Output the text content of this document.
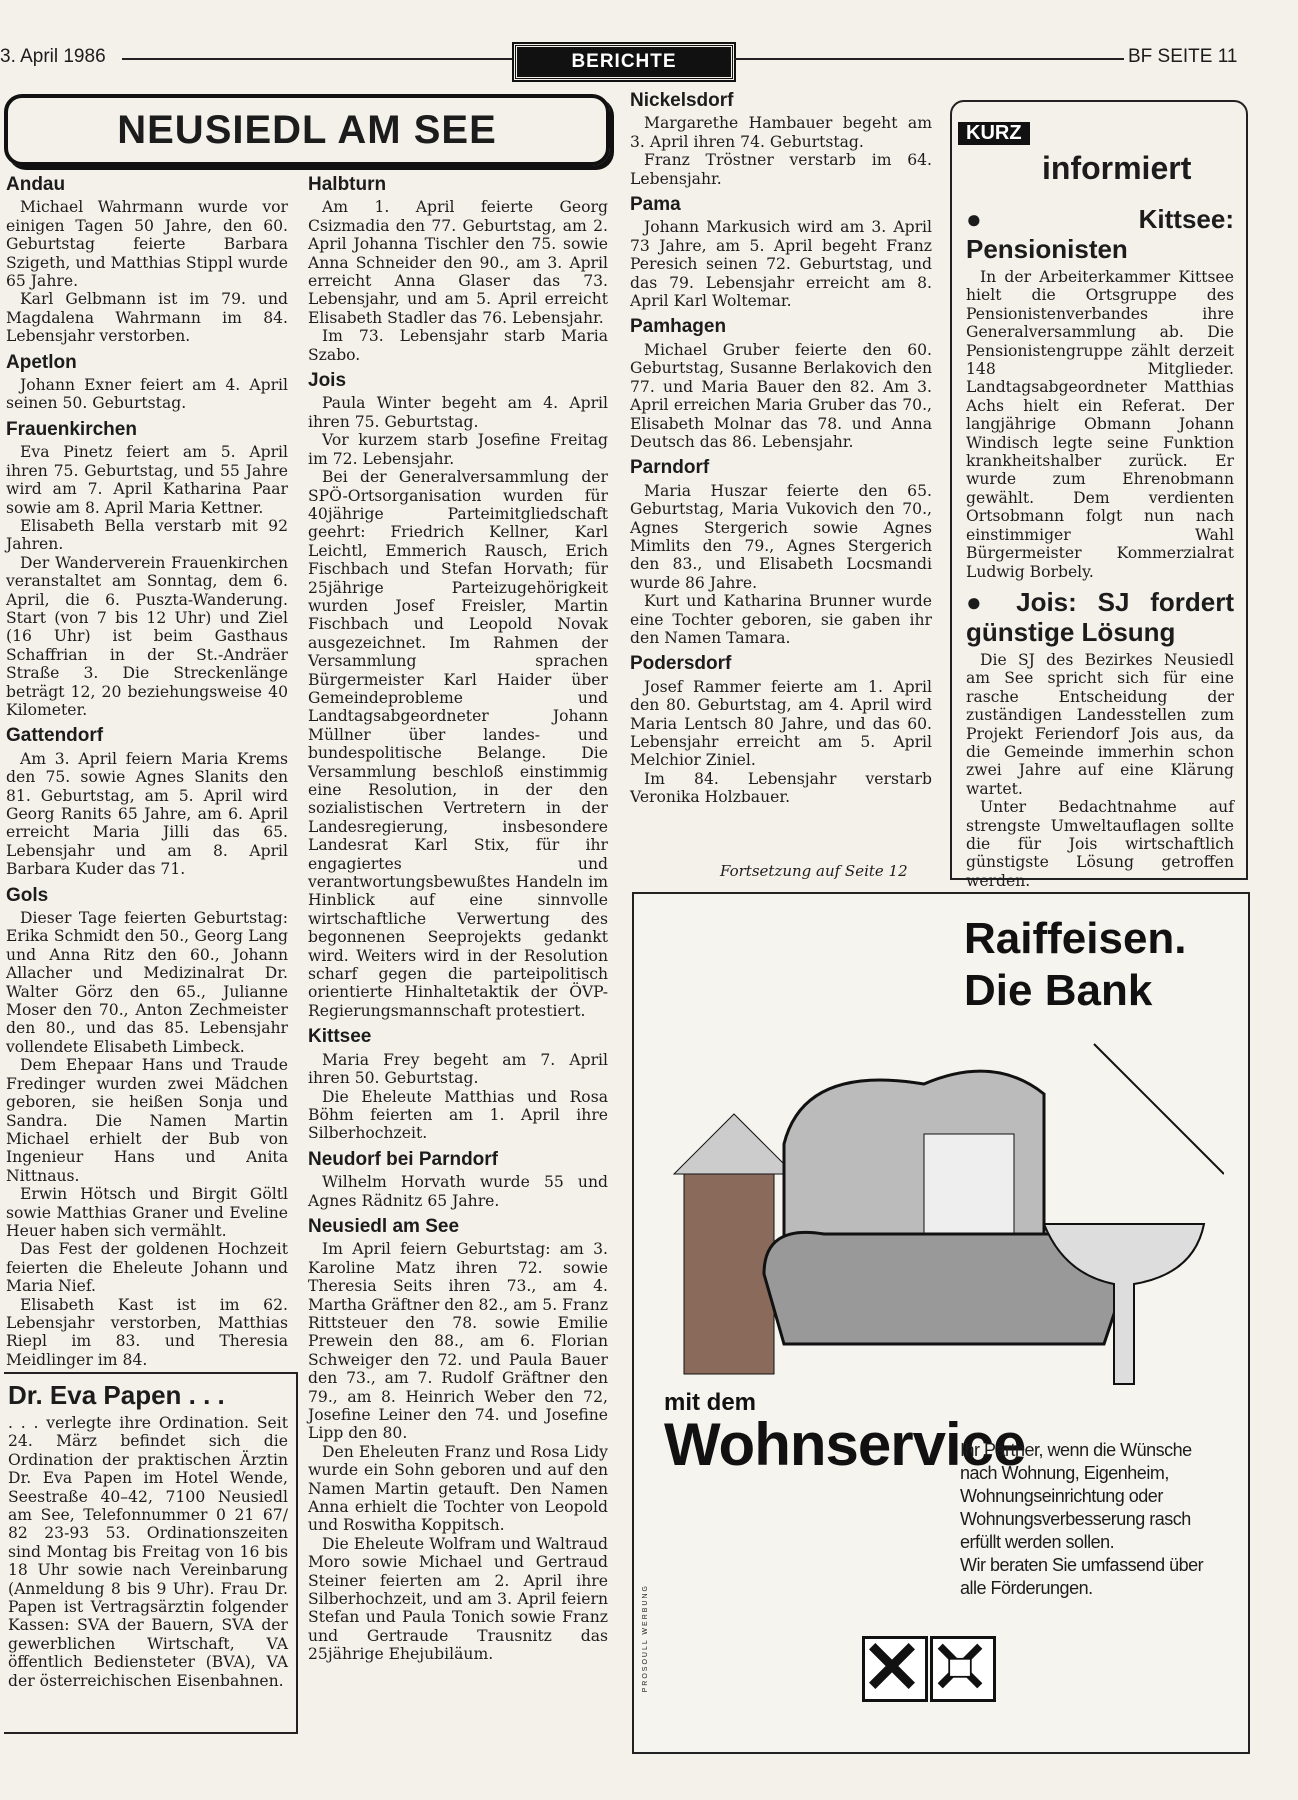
3. April 1986	BERICHTE	BF SEITE 11
NEUSIEDL AM SEE
Andau

Michael Wahrmann wurde vor einigen Tagen 50 Jahre, den 60. Geburtstag feierte Barbara Szigeth, und Matthias Stippl wurde 65 Jahre.

Karl Gelbmann ist im 79. und Magdalena Wahrmann im 84. Lebensjahr verstorben.

Apetlon

Johann Exner feiert am 4. April seinen 50. Geburtstag.

Frauenkirchen

Eva Pinetz feiert am 5. April ihren 75. Geburtstag, und 55 Jahre wird am 7. April Katharina Paar sowie am 8. April Maria Kettner.

Elisabeth Bella verstarb mit 92 Jahren.

Der Wanderverein Frauenkirchen veranstaltet am Sonntag, dem 6. April, die 6. Puszta-Wanderung. Start (von 7 bis 12 Uhr) und Ziel (16 Uhr) ist beim Gasthaus Schaffrian in der St.-Andräer Straße 3. Die Streckenlänge beträgt 12, 20 beziehungsweise 40 Kilometer.

Gattendorf

Am 3. April feiern Maria Krems den 75. sowie Agnes Slanits den 81. Geburtstag, am 5. April wird Georg Ranits 65 Jahre, am 6. April erreicht Maria Jilli das 65. Lebensjahr und am 8. April Barbara Kuder das 71.

Gols

Dieser Tage feierten Geburtstag: Erika Schmidt den 50., Georg Lang und Anna Ritz den 60., Johann Allacher und Medizinalrat Dr. Walter Görz den 65., Julianne Moser den 70., Anton Zechmeister den 80., und das 85. Lebensjahr vollendete Elisabeth Limbeck.

Dem Ehepaar Hans und Traude Fredinger wurden zwei Mädchen geboren, sie heißen Sonja und Sandra. Die Namen Martin Michael erhielt der Bub von Ingenieur Hans und Anita Nittnaus.

Erwin Hötsch und Birgit Göltl sowie Matthias Graner und Eveline Heuer haben sich vermählt.

Das Fest der goldenen Hochzeit feierten die Eheleute Johann und Maria Nief.

Elisabeth Kast ist im 62. Lebensjahr verstorben, Matthias Riepl im 83. und Theresia Meidlinger im 84.

Dr. Eva Papen . . .
. . . verlegte ihre Ordination. Seit 24. März befindet sich die Ordination der praktischen Ärztin Dr. Eva Papen im Hotel Wende, Seestraße 40–42, 7100 Neusiedl am See, Telefonnummer 0 21 67/ 82 23-93 53. Ordinationszeiten sind Montag bis Freitag von 16 bis 18 Uhr sowie nach Vereinbarung (Anmeldung 8 bis 9 Uhr). Frau Dr. Papen ist Vertragsärztin folgender Kassen: SVA der Bauern, SVA der gewerblichen Wirtschaft, VA öffentlich Bediensteter (BVA), VA der österreichischen Eisenbahnen.
Halbturn

Am 1. April feierte Georg Csizmadia den 77. Geburtstag, am 2. April Johanna Tischler den 75. sowie Anna Schneider den 90., am 3. April erreicht Anna Glaser das 73. Lebensjahr, und am 5. April erreicht Elisabeth Stadler das 76. Lebensjahr.

Im 73. Lebensjahr starb Maria Szabo.

Jois

Paula Winter begeht am 4. April ihren 75. Geburtstag.

Vor kurzem starb Josefine Freitag im 72. Lebensjahr.

Bei der Generalversammlung der SPÖ-Ortsorganisation wurden für 40jährige Parteimitgliedschaft geehrt: Friedrich Kellner, Karl Leichtl, Emmerich Rausch, Erich Fischbach und Stefan Horvath; für 25jährige Parteizugehörigkeit wurden Josef Freisler, Martin Fischbach und Leopold Novak ausgezeichnet. Im Rahmen der Versammlung sprachen Bürgermeister Karl Haider über Gemeindeprobleme und Landtagsabgeordneter Johann Müllner über landes- und bundespolitische Belange. Die Versammlung beschloß einstimmig eine Resolution, in der den sozialistischen Vertretern in der Landesregierung, insbesondere Landesrat Karl Stix, für ihr engagiertes und verantwortungsbewußtes Handeln im Hinblick auf eine sinnvolle wirtschaftliche Verwertung des begonnenen Seeprojekts gedankt wird. Weiters wird in der Resolution scharf gegen die parteipolitisch orientierte Hinhaltetaktik der ÖVP-Regierungsmannschaft protestiert.

Kittsee

Maria Frey begeht am 7. April ihren 50. Geburtstag.

Die Eheleute Matthias und Rosa Böhm feierten am 1. April ihre Silberhochzeit.

Neudorf bei Parndorf

Wilhelm Horvath wurde 55 und Agnes Rädnitz 65 Jahre.

Neusiedl am See

Im April feiern Geburtstag: am 3. Karoline Matz ihren 72. sowie Theresia Seits ihren 73., am 4. Martha Gräftner den 82., am 5. Franz Rittsteuer den 78. sowie Emilie Prewein den 88., am 6. Florian Schweiger den 72. und Paula Bauer den 73., am 7. Rudolf Gräftner den 79., am 8. Heinrich Weber den 72, Josefine Leiner den 74. und Josefine Lipp den 80.

Den Eheleuten Franz und Rosa Lidy wurde ein Sohn geboren und auf den Namen Martin getauft. Den Namen Anna erhielt die Tochter von Leopold und Roswitha Koppitsch.

Die Eheleute Wolfram und Waltraud Moro sowie Michael und Gertraud Steiner feierten am 2. April ihre Silberhochzeit, und am 3. April feiern Stefan und Paula Tonich sowie Franz und Gertraude Trausnitz das 25jährige Ehejubiläum.

Nickelsdorf

Margarethe Hambauer begeht am 3. April ihren 74. Geburtstag.

Franz Tröstner verstarb im 64. Lebensjahr.

Pama

Johann Markusich wird am 3. April 73 Jahre, am 5. April begeht Franz Peresich seinen 72. Geburtstag, und das 79. Lebensjahr erreicht am 8. April Karl Woltemar.

Pamhagen

Michael Gruber feierte den 60. Geburtstag, Susanne Berlakovich den 77. und Maria Bauer den 82. Am 3. April erreichen Maria Gruber das 70., Elisabeth Molnar das 78. und Anna Deutsch das 86. Lebensjahr.

Parndorf

Maria Huszar feierte den 65. Geburtstag, Maria Vukovich den 70., Agnes Stergerich sowie Agnes Mimlits den 79., Agnes Stergerich den 83., und Elisabeth Locsmandi wurde 86 Jahre.

Kurt und Katharina Brunner wurde eine Tochter geboren, sie gaben ihr den Namen Tamara.

Podersdorf

Josef Rammer feierte am 1. April den 80. Geburtstag, am 4. April wird Maria Lentsch 80 Jahre, und das 60. Lebensjahr erreicht am 5. April Melchior Ziniel.

Im 84. Lebensjahr verstarb Veronika Holzbauer.

Fortsetzung auf Seite 12
KURZ
informiert
● Kittsee: Pensionisten

In der Arbeiterkammer Kittsee hielt die Ortsgruppe des Pensionistenverbandes ihre Generalversammlung ab. Die Pensionistengruppe zählt derzeit 148 Mitglieder. Landtagsabgeordneter Matthias Achs hielt ein Referat. Der langjährige Obmann Johann Windisch legte seine Funktion krankheitshalber zurück. Er wurde zum Ehrenobmann gewählt. Dem verdienten Ortsobmann folgt nun nach einstimmiger Wahl Bürgermeister Kommerzialrat Ludwig Borbely.

● Jois: SJ fordert günstige Lösung

Die SJ des Bezirkes Neusiedl am See spricht sich für eine rasche Entscheidung der zuständigen Landesstellen zum Projekt Feriendorf Jois aus, da die Gemeinde immerhin schon zwei Jahre auf eine Klärung wartet.

Unter Bedachtnahme auf strengste Umweltauflagen sollte die für Jois wirtschaftlich günstigste Lösung getroffen werden.

Raiffeisen.
Die Bank
mit dem
Wohnservice
Ihr Partner, wenn die Wünsche nach Wohnung, Eigenheim, Wohnungseinrichtung oder Wohnungsverbesserung rasch erfüllt werden sollen.
Wir beraten Sie umfassend über alle Förderungen.
PROSOULL WERBUNG
